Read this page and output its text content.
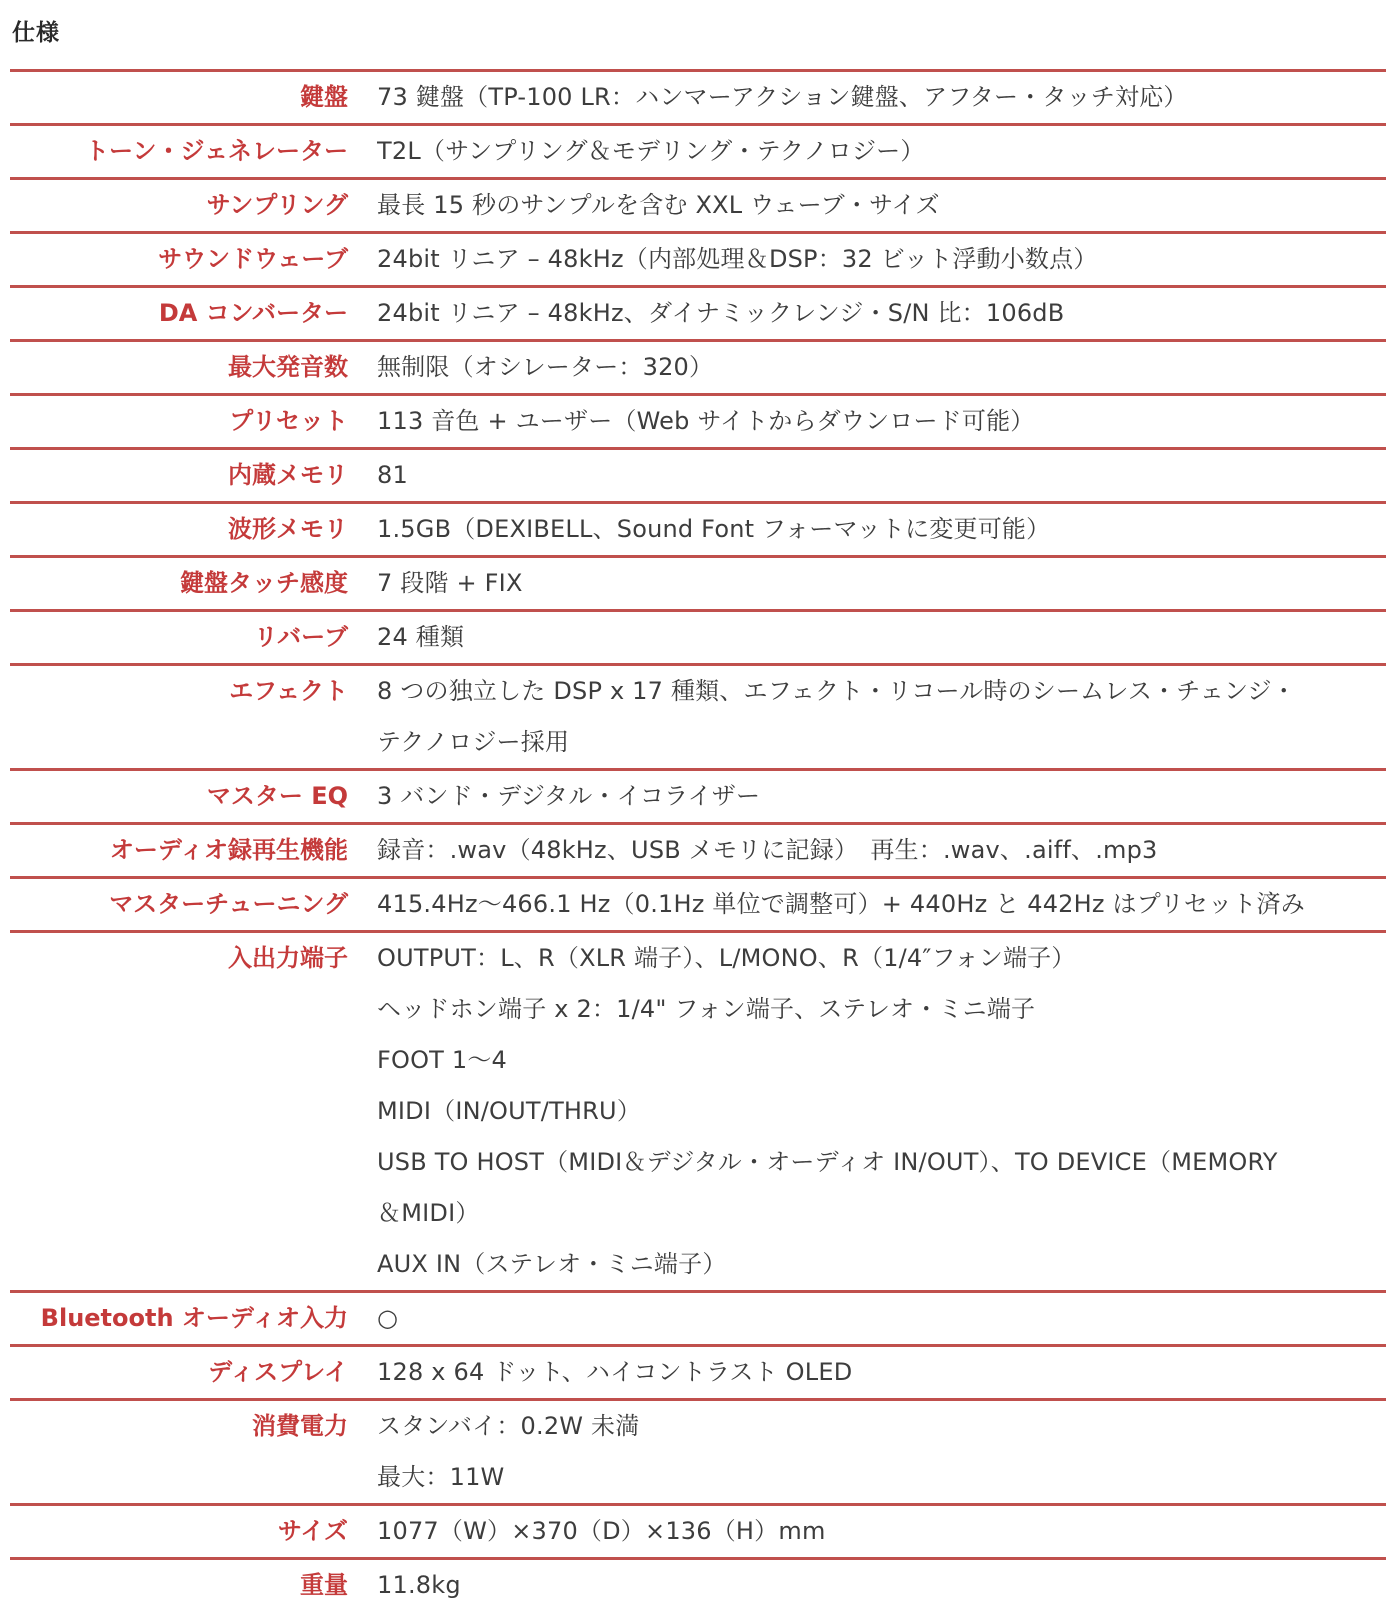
仕様
鍵盤 73 鍵盤（TP-100 LR：ハンマーアクション鍵盤、アフター・タッチ対応）
トーン・ジェネレーター T2L（サンプリング＆モデリング・テクノロジー）
サンプリング 最長 15 秒のサンプルを含む XXL ウェーブ・サイズ
サウンドウェーブ 24bit リニア – 48kHz（内部処理＆DSP：32 ビット浮動小数点）
DA コンバーター 24bit リニア – 48kHz、ダイナミックレンジ・S/N 比：106dB
最大発音数 無制限（オシレーター：320）
プリセット 113 音色 + ユーザー（Web サイトからダウンロード可能）
内蔵メモリ 81
波形メモリ 1.5GB（DEXIBELL、Sound Font フォーマットに変更可能）
鍵盤タッチ感度 7 段階 + FIX
リバーブ 24 種類
エフェクト 8 つの独立した DSP x 17 種類、エフェクト・リコール時のシームレス・チェンジ・
テクノロジー採用
マスター EQ 3 バンド・デジタル・イコライザー
オーディオ録再生機能 録音：.wav（48kHz、USB メモリに記録）　再生：.wav、.aiff、.mp3
マスターチューニング 415.4Hz〜466.1 Hz（0.1Hz 単位で調整可）+ 440Hz と 442Hz はプリセット済み
入出力端子 OUTPUT：L、R（XLR 端子）、L/MONO、R（1/4″フォン端子）
ヘッドホン端子 x 2：1/4" フォン端子、ステレオ・ミニ端子
FOOT 1〜4
MIDI（IN/OUT/THRU）
USB TO HOST（MIDI＆デジタル・オーディオ IN/OUT）、TO DEVICE（MEMORY
＆MIDI）
AUX IN（ステレオ・ミニ端子）
Bluetooth オーディオ入力 ○
ディスプレイ 128 x 64 ドット、ハイコントラスト OLED
消費電力 スタンバイ：0.2W 未満
最大：11W
サイズ 1077（W）×370（D）×136（H）mm
重量 11.8kg
